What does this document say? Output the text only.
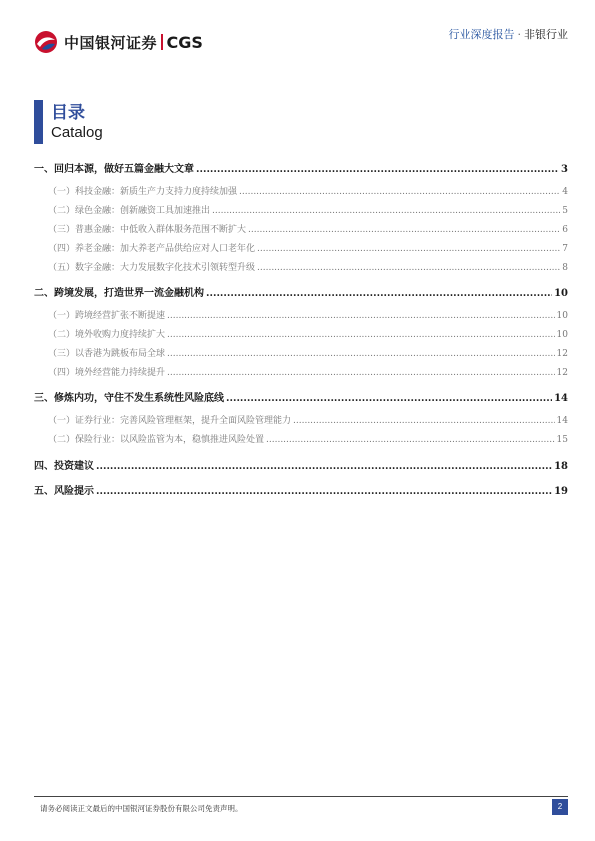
中国银河证券 CGS	行业深度报告 · 非银行业
目录
Catalog
一、回归本源，做好五篇金融大文章 .....	3
（一）科技金融：新质生产力支持力度持续加强 .....	4
（二）绿色金融：创新融资工具加速推出 .....	5
（三）普惠金融：中低收入群体服务范围不断扩大 .....	6
（四）养老金融：加大养老产品供给应对人口老年化 .....	7
（五）数字金融：大力发展数字化技术引领转型升级 .....	8
二、跨境发展，打造世界一流金融机构 .....	10
（一）跨境经营扩张不断提速 .....	10
（二）境外收购力度持续扩大 .....	10
（三）以香港为跳板布局全球 .....	12
（四）境外经营能力持续提升 .....	12
三、修炼内功，守住不发生系统性风险底线 .....	14
（一）证券行业：完善风险管理框架，提升全面风险管理能力 .....	14
（二）保险行业：以风险监管为本，稳慎推进风险处置 .....	15
四、投资建议 .....	18
五、风险提示 .....	19
请务必阅读正文最后的中国银河证券股份有限公司免责声明。	2
